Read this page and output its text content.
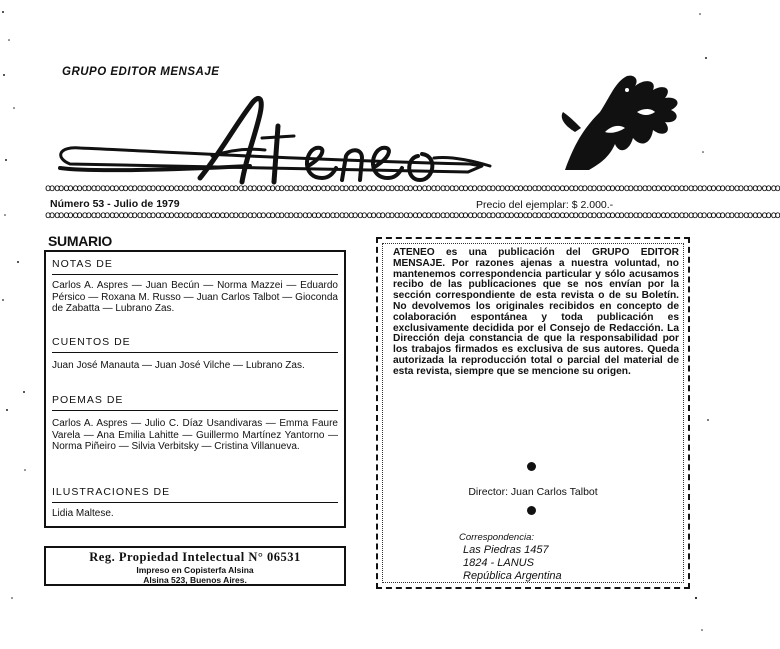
GRUPO EDITOR MENSAJE
ꝏꝏꝏꝏꝏꝏꝏꝏꝏꝏꝏꝏꝏꝏꝏꝏꝏꝏꝏꝏꝏꝏꝏꝏꝏꝏꝏꝏꝏꝏꝏꝏꝏꝏꝏꝏꝏꝏꝏꝏꝏꝏꝏꝏꝏꝏꝏꝏꝏꝏꝏꝏꝏꝏꝏꝏꝏꝏꝏꝏꝏꝏꝏꝏꝏꝏꝏꝏꝏꝏꝏꝏꝏꝏꝏꝏꝏꝏꝏꝏ
Número 53 - Julio de 1979	Precio del ejemplar: $ 2.000.-
ꝏꝏꝏꝏꝏꝏꝏꝏꝏꝏꝏꝏꝏꝏꝏꝏꝏꝏꝏꝏꝏꝏꝏꝏꝏꝏꝏꝏꝏꝏꝏꝏꝏꝏꝏꝏꝏꝏꝏꝏꝏꝏꝏꝏꝏꝏꝏꝏꝏꝏꝏꝏꝏꝏꝏꝏꝏꝏꝏꝏꝏꝏꝏꝏꝏꝏꝏꝏꝏꝏꝏꝏꝏꝏꝏꝏꝏꝏꝏꝏ
SUMARIO
NOTAS DE
Carlos A. Aspres — Juan Becún — Norma Mazzei — Eduardo Pérsico — Roxana M. Russo — Juan Carlos Talbot — Gioconda de Zabatta — Lubrano Zas.
CUENTOS DE
Juan José Manauta — Juan José Vilche — Lubrano Zas.
POEMAS DE
Carlos A. Aspres — Julio C. Díaz Usandivaras — Emma Faure Varela — Ana Emilia Lahitte — Guillermo Martínez Yantorno — Norma Piñeiro — Silvia Verbitsky — Cristina Villanueva.
ILUSTRACIONES DE
Lidia Maltese.
Reg. Propiedad Intelectual N° 06531
Impreso en Copisterfa Alsina
Alsina 523, Buenos Aires.
ATENEO es una publicación del GRUPO EDITOR MENSAJE. Por razones ajenas a nuestra voluntad, no mantenemos correspondencia particular y sólo acusamos recibo de las publicaciones que se nos envían por la sección correspondiente de esta revista o de su Boletín. No devolvemos los originales recibidos en concepto de colaboración espontánea y toda publicación es exclusivamente decidida por el Consejo de Redacción. La Dirección deja constancia de que la responsabilidad por los trabajos firmados es exclusiva de sus autores. Queda autorizada la reproducción total o parcial del material de esta revista, siempre que se mencione su origen.
Director: Juan Carlos Talbot
Correspondencia:
Las Piedras 1457
1824 - LANUS
República Argentina
